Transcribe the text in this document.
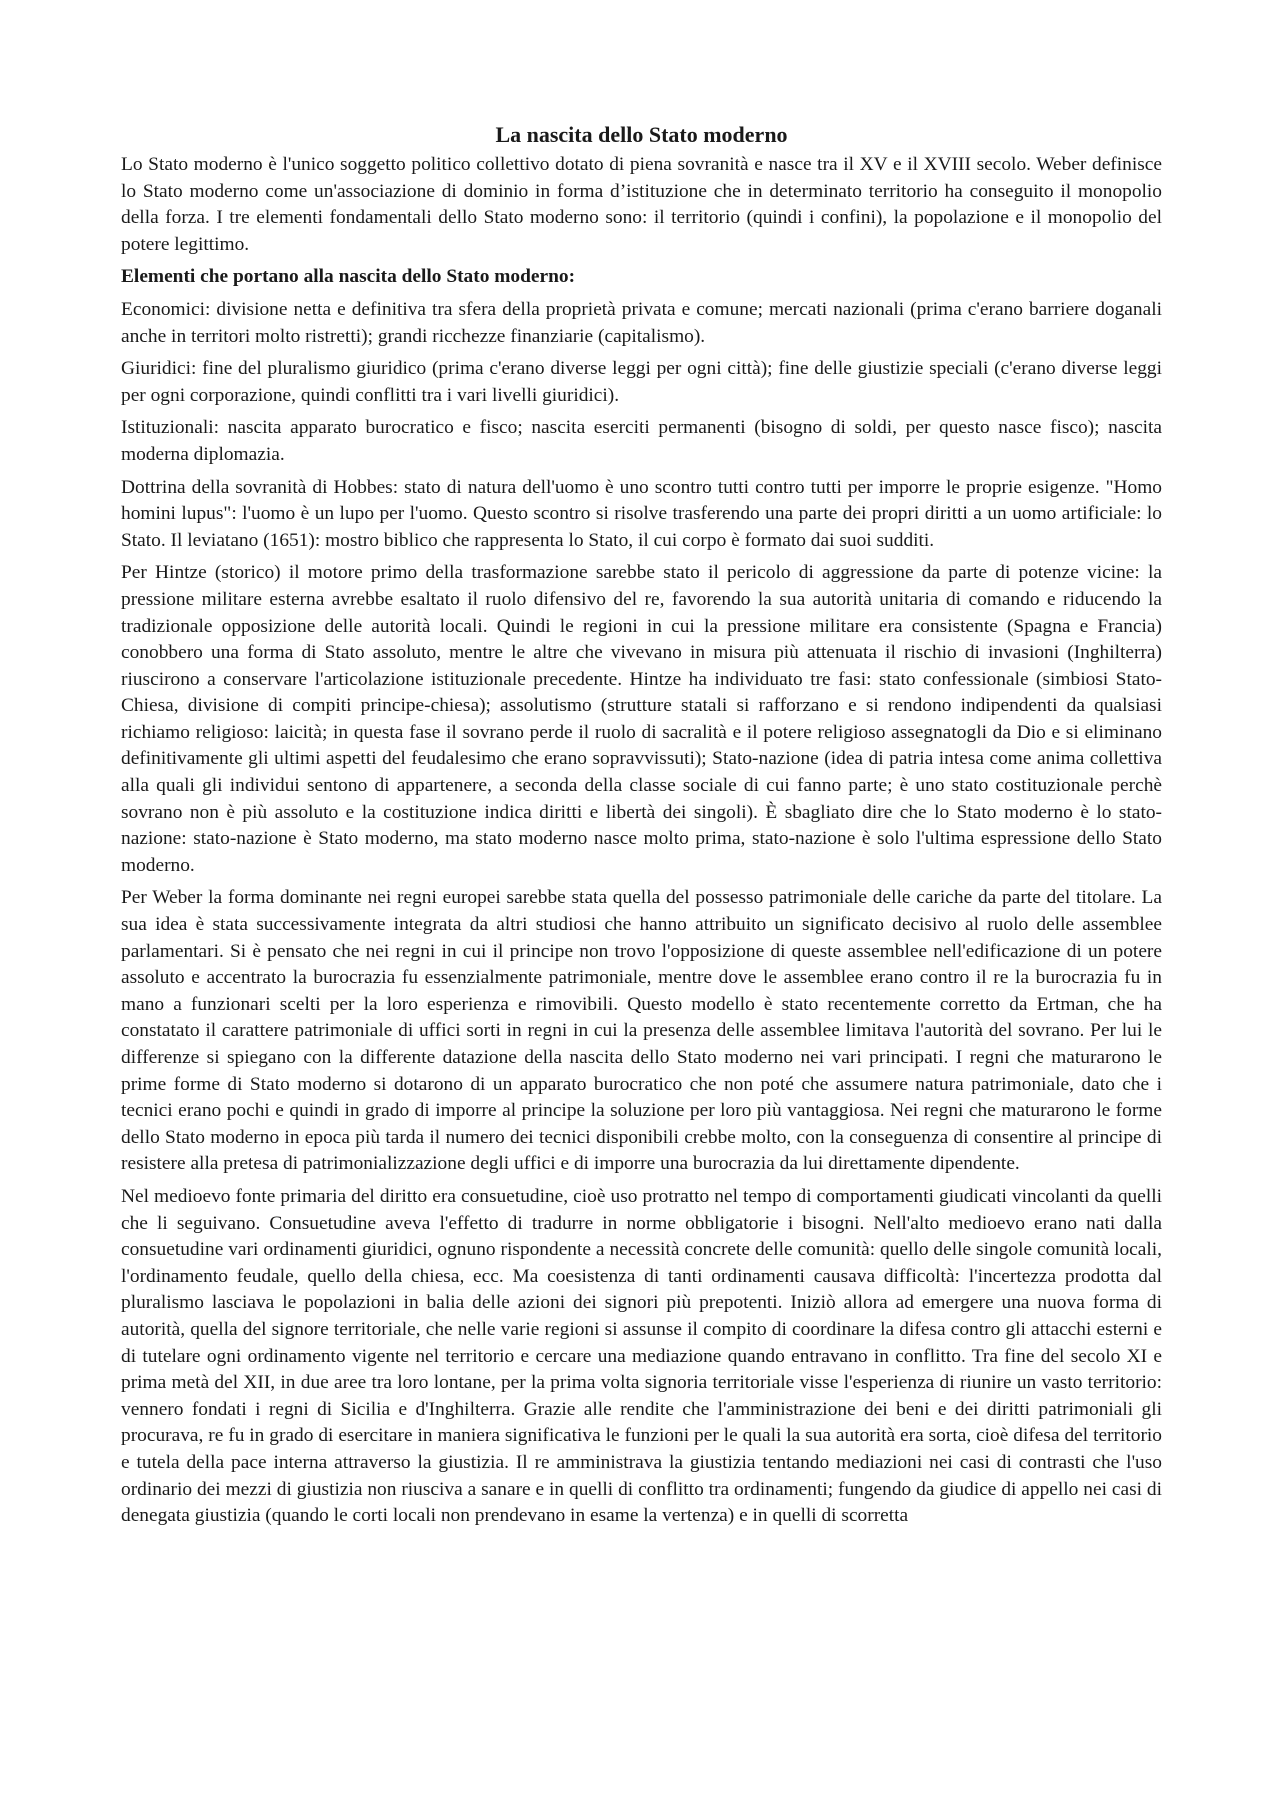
La nascita dello Stato moderno

Lo Stato moderno è l'unico soggetto politico collettivo dotato di piena sovranità e nasce tra il XV e il XVIII secolo. Weber definisce lo Stato moderno come un'associazione di dominio in forma d’istituzione che in determinato territorio ha conseguito il monopolio della forza. I tre elementi fondamentali dello Stato moderno sono: il territorio (quindi i confini), la popolazione e il monopolio del potere legittimo.

Elementi che portano alla nascita dello Stato moderno:

Economici: divisione netta e definitiva tra sfera della proprietà privata e comune; mercati nazionali (prima c'erano barriere doganali anche in territori molto ristretti); grandi ricchezze finanziarie (capitalismo).

Giuridici: fine del pluralismo giuridico (prima c'erano diverse leggi per ogni città); fine delle giustizie speciali (c'erano diverse leggi per ogni corporazione, quindi conflitti tra i vari livelli giuridici).

Istituzionali: nascita apparato burocratico e fisco; nascita eserciti permanenti (bisogno di soldi, per questo nasce fisco); nascita moderna diplomazia.

Dottrina della sovranità di Hobbes: stato di natura dell'uomo è uno scontro tutti contro tutti per imporre le proprie esigenze. "Homo homini lupus": l'uomo è un lupo per l'uomo. Questo scontro si risolve trasferendo una parte dei propri diritti a un uomo artificiale: lo Stato. Il leviatano (1651): mostro biblico che rappresenta lo Stato, il cui corpo è formato dai suoi sudditi.

Per Hintze (storico) il motore primo della trasformazione sarebbe stato il pericolo di aggressione da parte di potenze vicine: la pressione militare esterna avrebbe esaltato il ruolo difensivo del re, favorendo la sua autorità unitaria di comando e riducendo la tradizionale opposizione delle autorità locali. Quindi le regioni in cui la pressione militare era consistente (Spagna e Francia) conobbero una forma di Stato assoluto, mentre le altre che vivevano in misura più attenuata il rischio di invasioni (Inghilterra) riuscirono a conservare l'articolazione istituzionale precedente. Hintze ha individuato tre fasi: stato confessionale (simbiosi Stato-Chiesa, divisione di compiti principe-chiesa); assolutismo (strutture statali si rafforzano e si rendono indipendenti da qualsiasi richiamo religioso: laicità; in questa fase il sovrano perde il ruolo di sacralità e il potere religioso assegnatogli da Dio e si eliminano definitivamente gli ultimi aspetti del feudalesimo che erano sopravvissuti); Stato-nazione (idea di patria intesa come anima collettiva alla quali gli individui sentono di appartenere, a seconda della classe sociale di cui fanno parte; è uno stato costituzionale perchè sovrano non è più assoluto e la costituzione indica diritti e libertà dei singoli). È sbagliato dire che lo Stato moderno è lo stato-nazione: stato-nazione è Stato moderno, ma stato moderno nasce molto prima, stato-nazione è solo l'ultima espressione dello Stato moderno.

Per Weber la forma dominante nei regni europei sarebbe stata quella del possesso patrimoniale delle cariche da parte del titolare. La sua idea è stata successivamente integrata da altri studiosi che hanno attribuito un significato decisivo al ruolo delle assemblee parlamentari. Si è pensato che nei regni in cui il principe non trovo l'opposizione di queste assemblee nell'edificazione di un potere assoluto e accentrato la burocrazia fu essenzialmente patrimoniale, mentre dove le assemblee erano contro il re la burocrazia fu in mano a funzionari scelti per la loro esperienza e rimovibili. Questo modello è stato recentemente corretto da Ertman, che ha constatato il carattere patrimoniale di uffici sorti in regni in cui la presenza delle assemblee limitava l'autorità del sovrano. Per lui le differenze si spiegano con la differente datazione della nascita dello Stato moderno nei vari principati. I regni che maturarono le prime forme di Stato moderno si dotarono di un apparato burocratico che non poté che assumere natura patrimoniale, dato che i tecnici erano pochi e quindi in grado di imporre al principe la soluzione per loro più vantaggiosa. Nei regni che maturarono le forme dello Stato moderno in epoca più tarda il numero dei tecnici disponibili crebbe molto, con la conseguenza di consentire al principe di resistere alla pretesa di patrimonializzazione degli uffici e di imporre una burocrazia da lui direttamente dipendente.

Nel medioevo fonte primaria del diritto era consuetudine, cioè uso protratto nel tempo di comportamenti giudicati vincolanti da quelli che li seguivano. Consuetudine aveva l'effetto di tradurre in norme obbligatorie i bisogni. Nell'alto medioevo erano nati dalla consuetudine vari ordinamenti giuridici, ognuno rispondente a necessità concrete delle comunità: quello delle singole comunità locali, l'ordinamento feudale, quello della chiesa, ecc. Ma coesistenza di tanti ordinamenti causava difficoltà: l'incertezza prodotta dal pluralismo lasciava le popolazioni in balia delle azioni dei signori più prepotenti. Iniziò allora ad emergere una nuova forma di autorità, quella del signore territoriale, che nelle varie regioni si assunse il compito di coordinare la difesa contro gli attacchi esterni e di tutelare ogni ordinamento vigente nel territorio e cercare una mediazione quando entravano in conflitto. Tra fine del secolo XI e prima metà del XII, in due aree tra loro lontane, per la prima volta signoria territoriale visse l'esperienza di riunire un vasto territorio: vennero fondati i regni di Sicilia e d'Inghilterra. Grazie alle rendite che l'amministrazione dei beni e dei diritti patrimoniali gli procurava, re fu in grado di esercitare in maniera significativa le funzioni per le quali la sua autorità era sorta, cioè difesa del territorio e tutela della pace interna attraverso la giustizia. Il re amministrava la giustizia tentando mediazioni nei casi di contrasti che l'uso ordinario dei mezzi di giustizia non riusciva a sanare e in quelli di conflitto tra ordinamenti; fungendo da giudice di appello nei casi di denegata giustizia (quando le corti locali non prendevano in esame la vertenza) e in quelli di scorretta
